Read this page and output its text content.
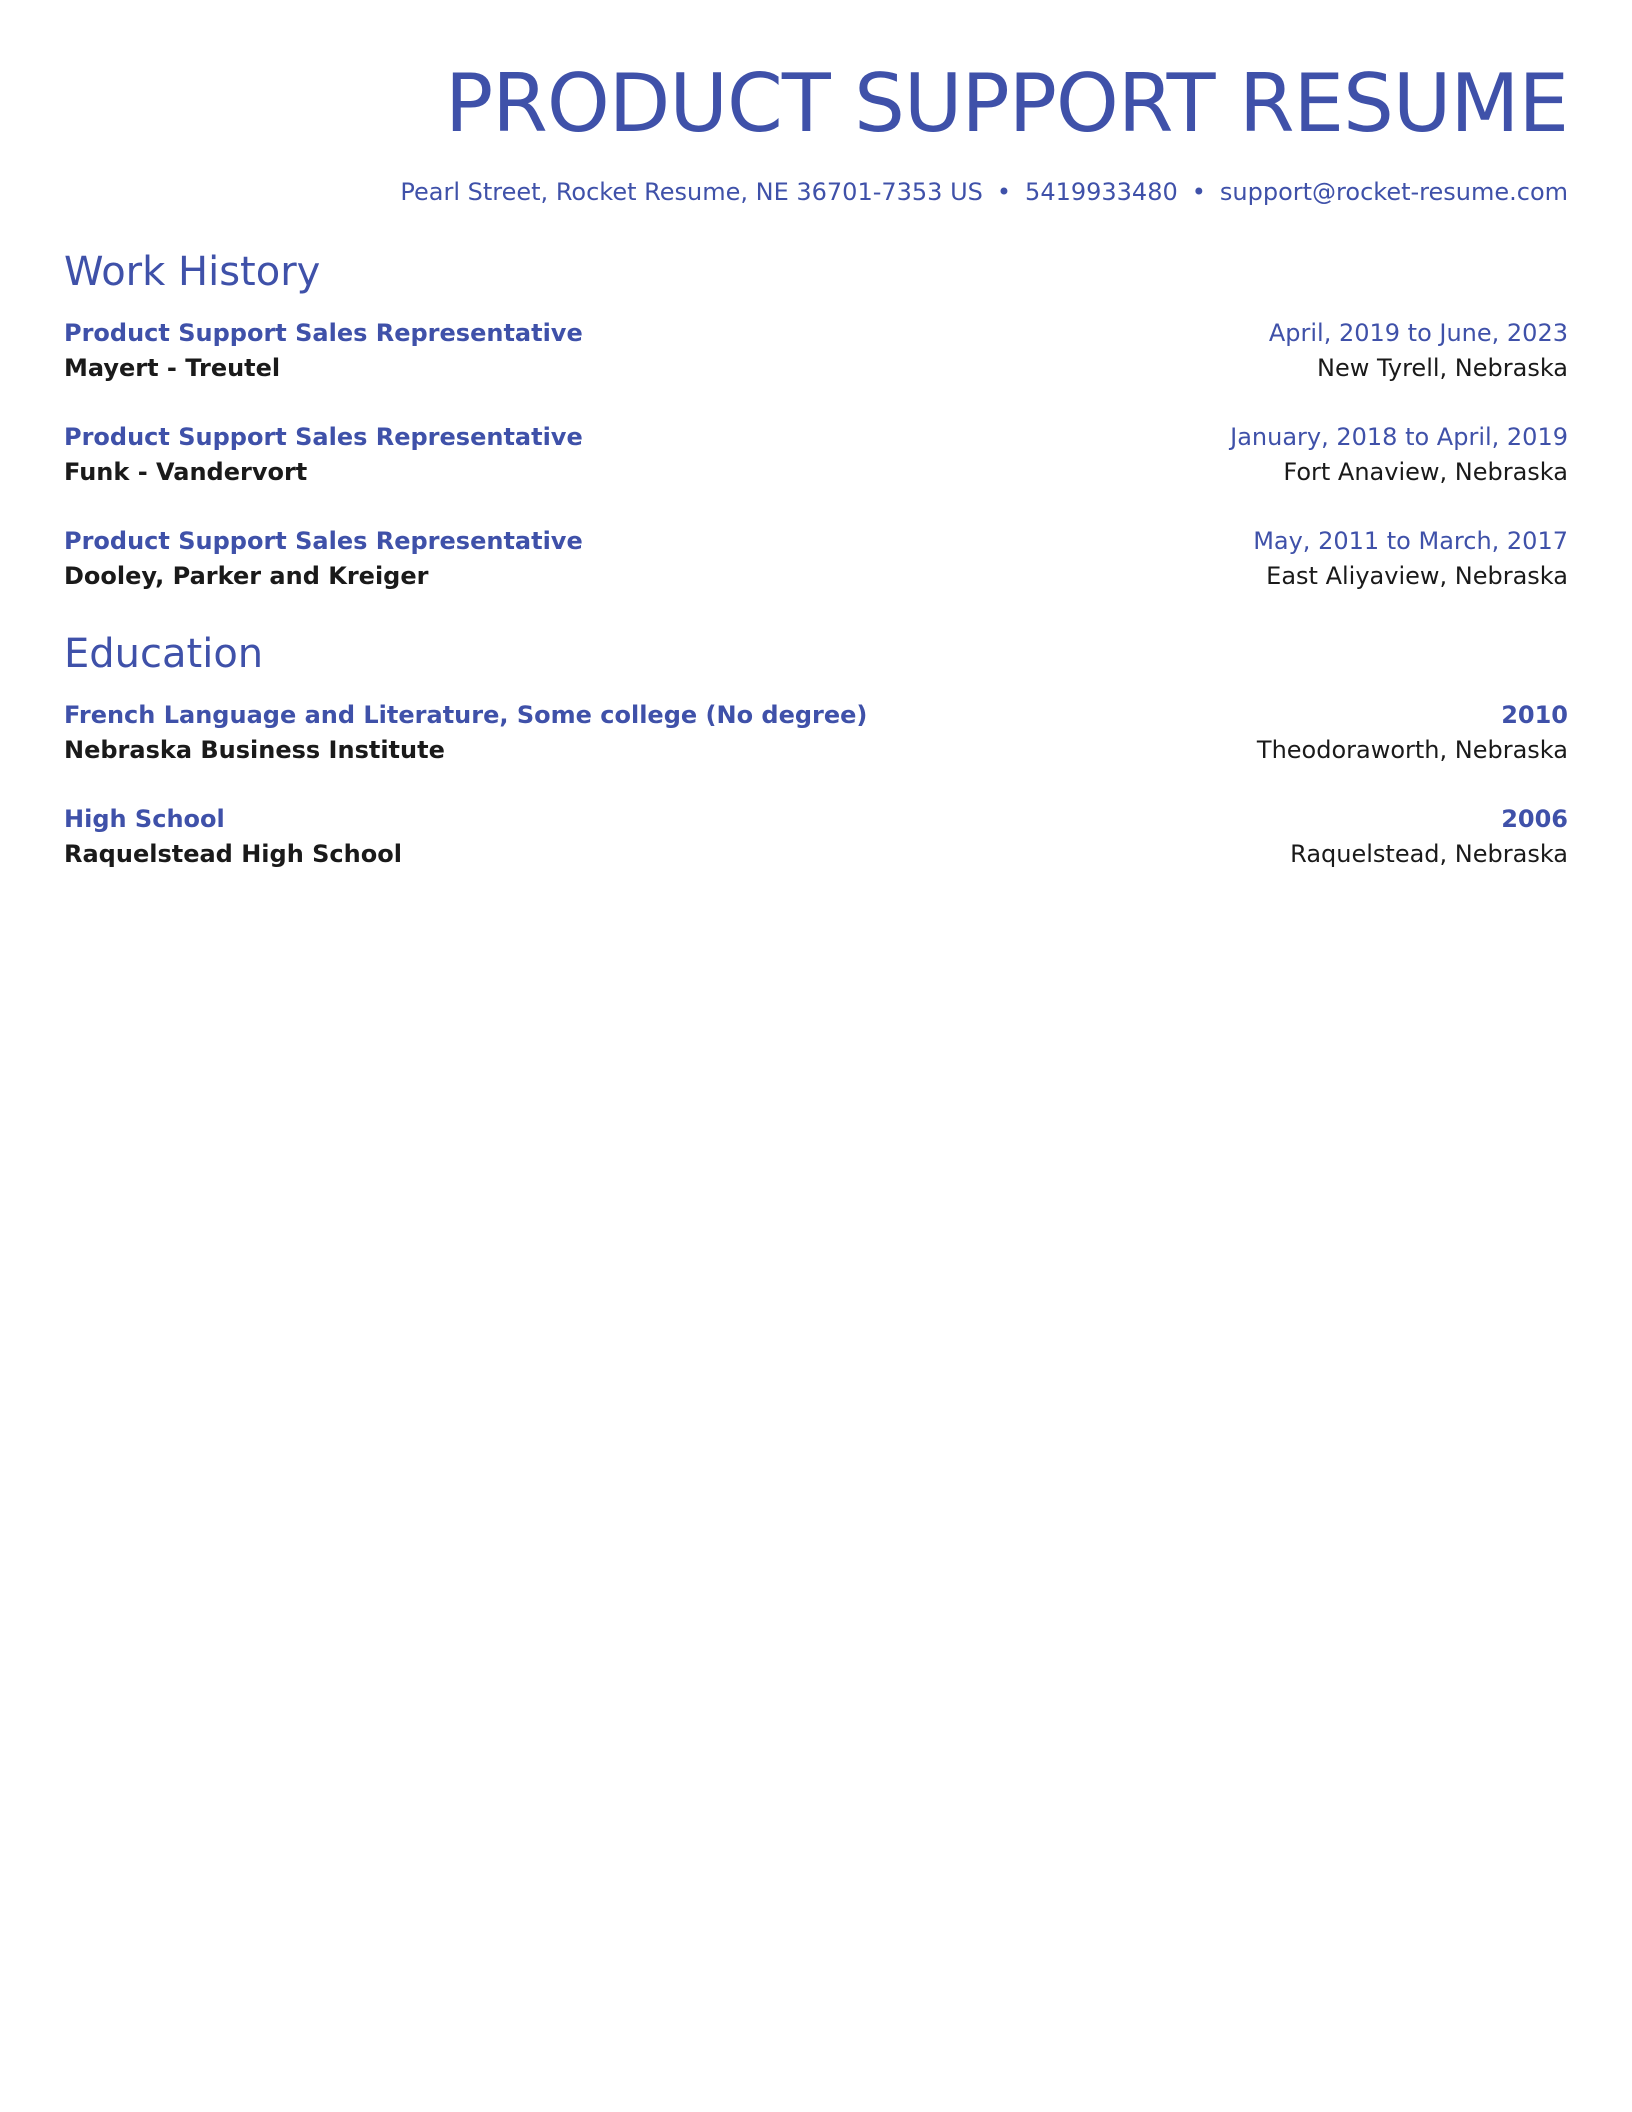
PRODUCT SUPPORT RESUME
Pearl Street, Rocket Resume, NE 36701-7353 US • 5419933480 • support@rocket-resume.com
Work History
Product Support Sales Representative	April, 2019 to June, 2023
Mayert - Treutel	New Tyrell, Nebraska
Product Support Sales Representative	January, 2018 to April, 2019
Funk - Vandervort	Fort Anaview, Nebraska
Product Support Sales Representative	May, 2011 to March, 2017
Dooley, Parker and Kreiger	East Aliyaview, Nebraska
Education
French Language and Literature, Some college (No degree)	2010
Nebraska Business Institute	Theodoraworth, Nebraska
High School	2006
Raquelstead High School	Raquelstead, Nebraska
